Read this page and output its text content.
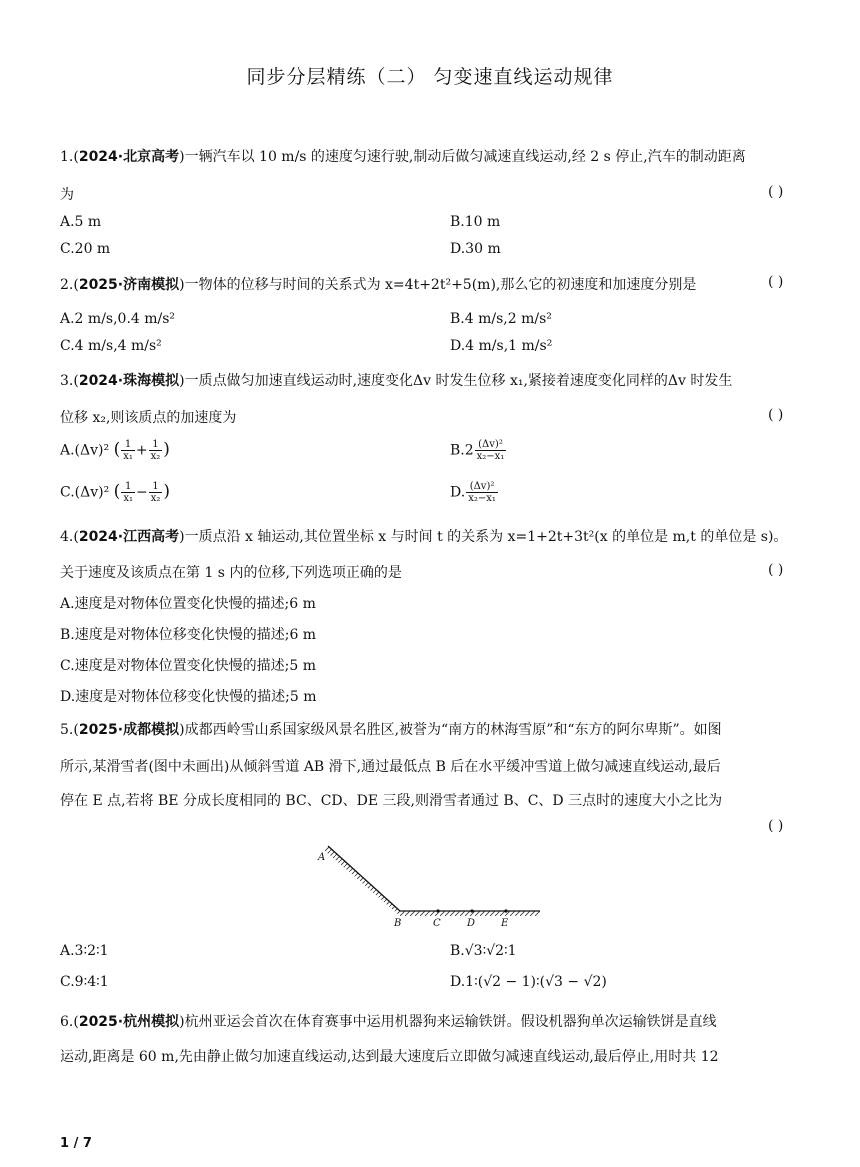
同步分层精练（二） 匀变速直线运动规律
1.(2024·北京高考)一辆汽车以 10 m/s 的速度匀速行驶,制动后做匀减速直线运动,经 2 s 停止,汽车的制动距离
为	( )
A.5 m	B.10 m
C.20 m	D.30 m
2.(2025·济南模拟)一物体的位移与时间的关系式为 x=4t+2t²+5(m),那么它的初速度和加速度分别是	( )
A.2 m/s,0.4 m/s²	B.4 m/s,2 m/s²
C.4 m/s,4 m/s²	D.4 m/s,1 m/s²
3.(2024·珠海模拟)一质点做匀加速直线运动时,速度变化Δv 时发生位移 x₁,紧接着速度变化同样的Δv 时发生
位移 x₂,则该质点的加速度为	( )
A.(Δv)² ( $\frac{1}{\text{x₁}} + \frac{1}{\text{x₂}}$ )	$B.2 \frac{\text{(Δv)²}}{\text{x₂−x₁}}$
C.(Δv)² ( $\frac{1}{\text{x₁}} - \frac{1}{\text{x₂}}$ )	D. $\frac{\text{(Δv)²}}{\text{x₂−x₁}}$
4.(2024·江西高考)一质点沿 x 轴运动,其位置坐标 x 与时间 t 的关系为 x=1+2t+3t²(x 的单位是 m,t 的单位是 s)。
关于速度及该质点在第 1 s 内的位移,下列选项正确的是	( )
A.速度是对物体位置变化快慢的描述;6 m
B.速度是对物体位移变化快慢的描述;6 m
C.速度是对物体位置变化快慢的描述;5 m
D.速度是对物体位移变化快慢的描述;5 m
5.(2025·成都模拟)成都西岭雪山系国家级风景名胜区,被誉为“南方的林海雪原”和“东方的阿尔卑斯”。如图
所示,某滑雪者(图中未画出)从倾斜雪道 AB 滑下,通过最低点 B 后在水平缓冲雪道上做匀减速直线运动,最后
停在 E 点,若将 BE 分成长度相同的 BC、CD、DE 三段,则滑雪者通过 B、C、D 三点时的速度大小之比为
( )
A
B	C	D	E
A.3∶2∶1	B.√3∶√2∶1
C.9∶4∶1	D.1∶(√2 − 1)∶(√3 − √2)
6.(2025·杭州模拟)杭州亚运会首次在体育赛事中运用机器狗来运输铁饼。假设机器狗单次运输铁饼是直线
运动,距离是 60 m,先由静止做匀加速直线运动,达到最大速度后立即做匀减速直线运动,最后停止,用时共 12
1 / 7
